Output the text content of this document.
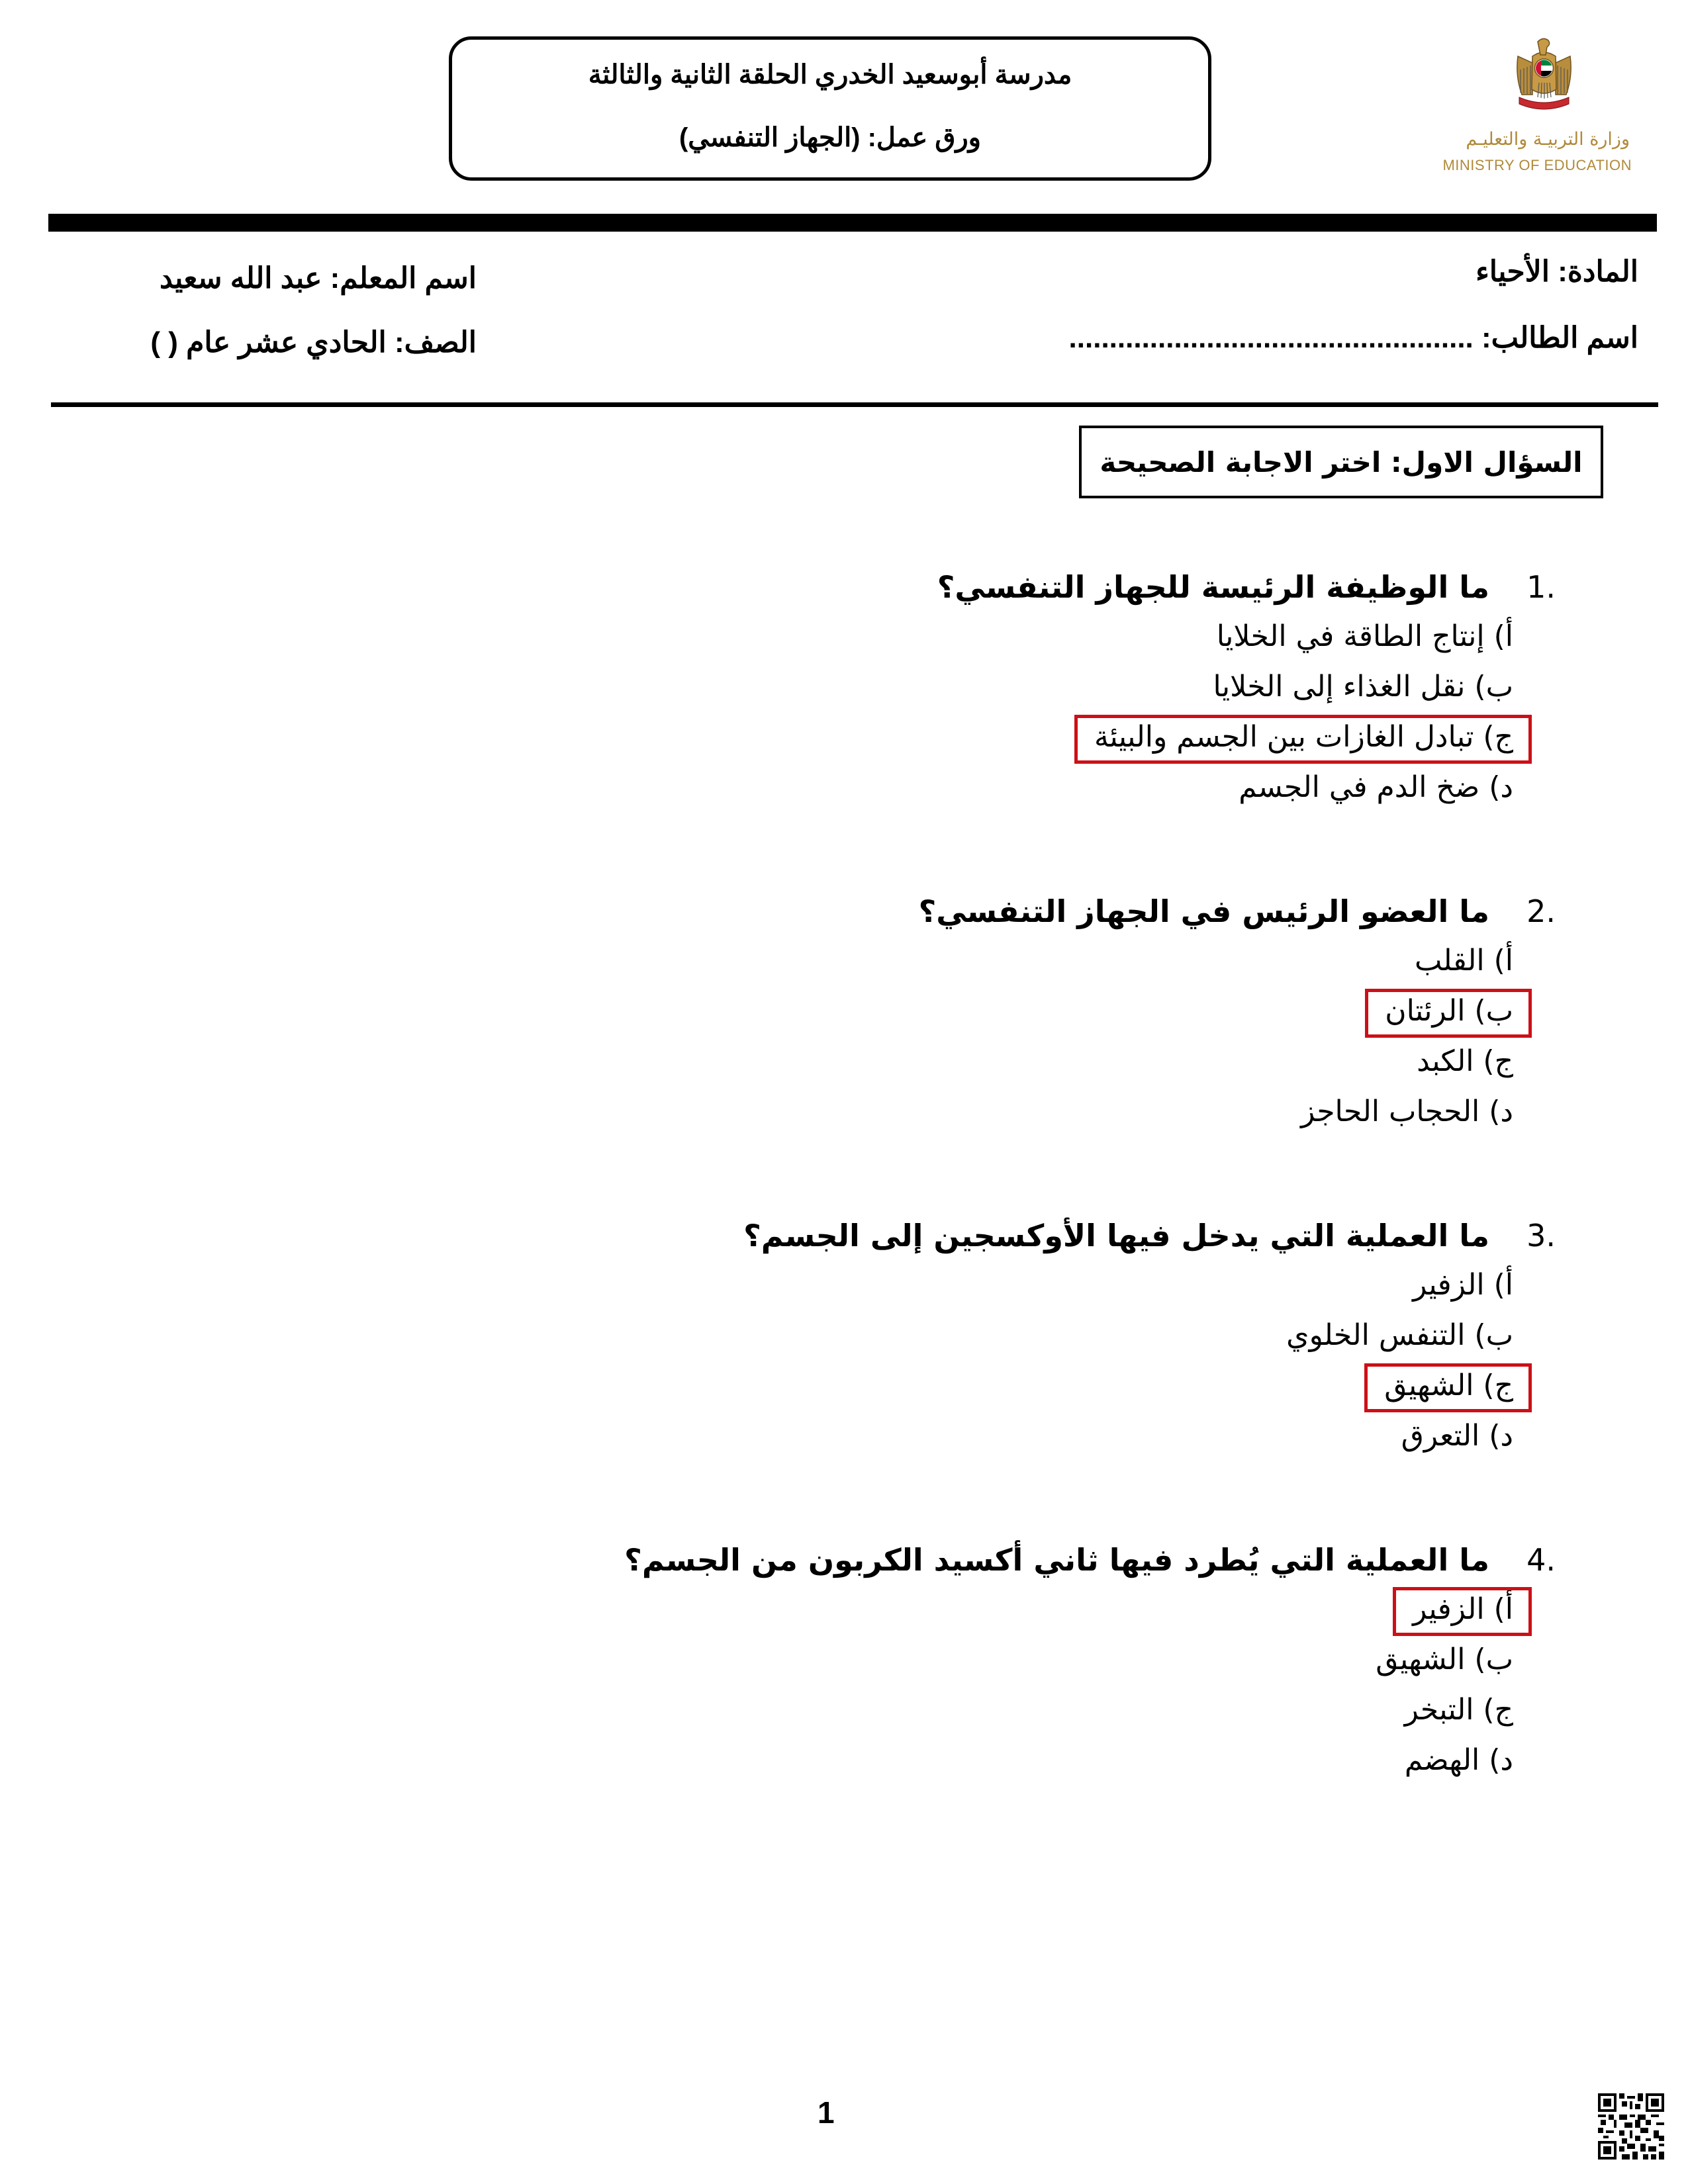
مدرسة أبوسعيد الخدري الحلقة الثانية والثالثة
ورق عمل: (الجهاز التنفسي)	وزارة التربيـة والتعليـم
MINISTRY OF EDUCATION
المادة: الأحياء
اسم الطالب: ..................................................
اسم المعلم: عبد الله سعيد
الصف: الحادي عشر عام ( )
السؤال الاول: اختر الاجابة الصحيحة
1.
ما الوظيفة الرئيسة للجهاز التنفسي؟
أ) إنتاج الطاقة في الخلايا
ب) نقل الغذاء إلى الخلايا
ج) تبادل الغازات بين الجسم والبيئة
د) ضخ الدم في الجسم
2.
ما العضو الرئيس في الجهاز التنفسي؟
أ) القلب
ب) الرئتان
ج) الكبد
د) الحجاب الحاجز
3.
ما العملية التي يدخل فيها الأوكسجين إلى الجسم؟
أ) الزفير
ب) التنفس الخلوي
ج) الشهيق
د) التعرق
4.
ما العملية التي يُطرد فيها ثاني أكسيد الكربون من الجسم؟
أ) الزفير
ب) الشهيق
ج) التبخر
د) الهضم
1
